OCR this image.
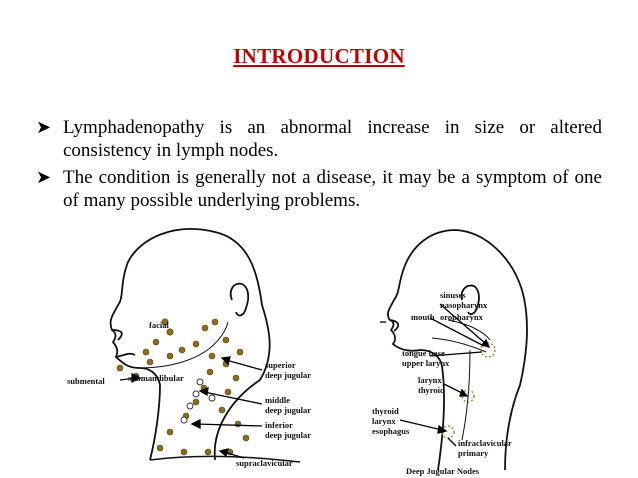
INTRODUCTION
➤ Lymphadenopathy is an abnormal increase in size or altered consistency in lymph nodes.
➤ The condition is generally not a disease, it may be a symptom of one of many possible underlying problems.
facial
submental	submandibular
superior
deep jugular
middle
deep jugular
inferior
deep jugular
supraclavicular
sinuses
nasopharynx
mouth oropharynx
tongue base
upper larynx
larynx
thyroid
thyroid
larynx
esophagus
infraclavicular
primary
Deep Jugular Nodes
